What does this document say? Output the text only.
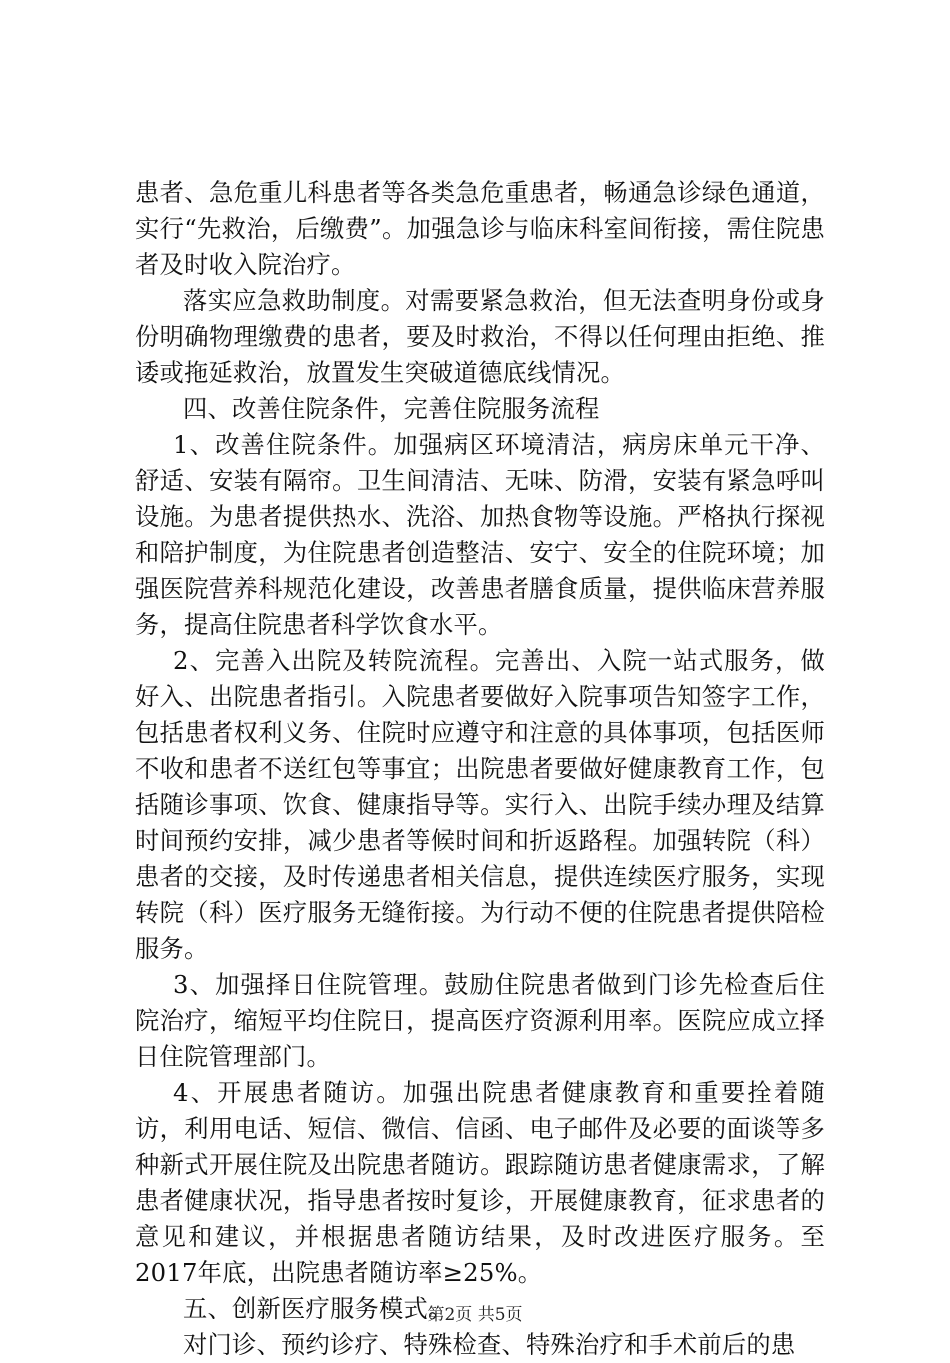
患者、急危重儿科患者等各类急危重患者，畅通急诊绿色通道，实行“先救治，后缴费”。加强急诊与临床科室间衔接，需住院患者及时收入院治疗。

落实应急救助制度。对需要紧急救治，但无法查明身份或身份明确物理缴费的患者，要及时救治，不得以任何理由拒绝、推诿或拖延救治，放置发生突破道德底线情况。

四、改善住院条件，完善住院服务流程

1、改善住院条件。加强病区环境清洁，病房床单元干净、舒适、安装有隔帘。卫生间清洁、无味、防滑，安装有紧急呼叫设施。为患者提供热水、洗浴、加热食物等设施。严格执行探视和陪护制度，为住院患者创造整洁、安宁、安全的住院环境；加强医院营养科规范化建设，改善患者膳食质量，提供临床营养服务，提高住院患者科学饮食水平。

2、完善入出院及转院流程。完善出、入院一站式服务，做好入、出院患者指引。入院患者要做好入院事项告知签字工作，包括患者权利义务、住院时应遵守和注意的具体事项，包括医师不收和患者不送红包等事宜；出院患者要做好健康教育工作，包括随诊事项、饮食、健康指导等。实行入、出院手续办理及结算时间预约安排，减少患者等候时间和折返路程。加强转院（科）患者的交接，及时传递患者相关信息，提供连续医疗服务，实现转院（科）医疗服务无缝衔接。为行动不便的住院患者提供陪检服务。

3、加强择日住院管理。鼓励住院患者做到门诊先检查后住院治疗，缩短平均住院日，提高医疗资源利用率。医院应成立择日住院管理部门。

4、开展患者随访。加强出院患者健康教育和重要拴着随访，利用电话、短信、微信、信函、电子邮件及必要的面谈等多种新式开展住院及出院患者随访。跟踪随访患者健康需求，了解患者健康状况，指导患者按时复诊，开展健康教育，征求患者的意见和建议，并根据患者随访结果，及时改进医疗服务。至2017年底，出院患者随访率≥25%。

五、创新医疗服务模式。

对门诊、预约诊疗、特殊检查、特殊治疗和手术前后的患

第2页 共5页
